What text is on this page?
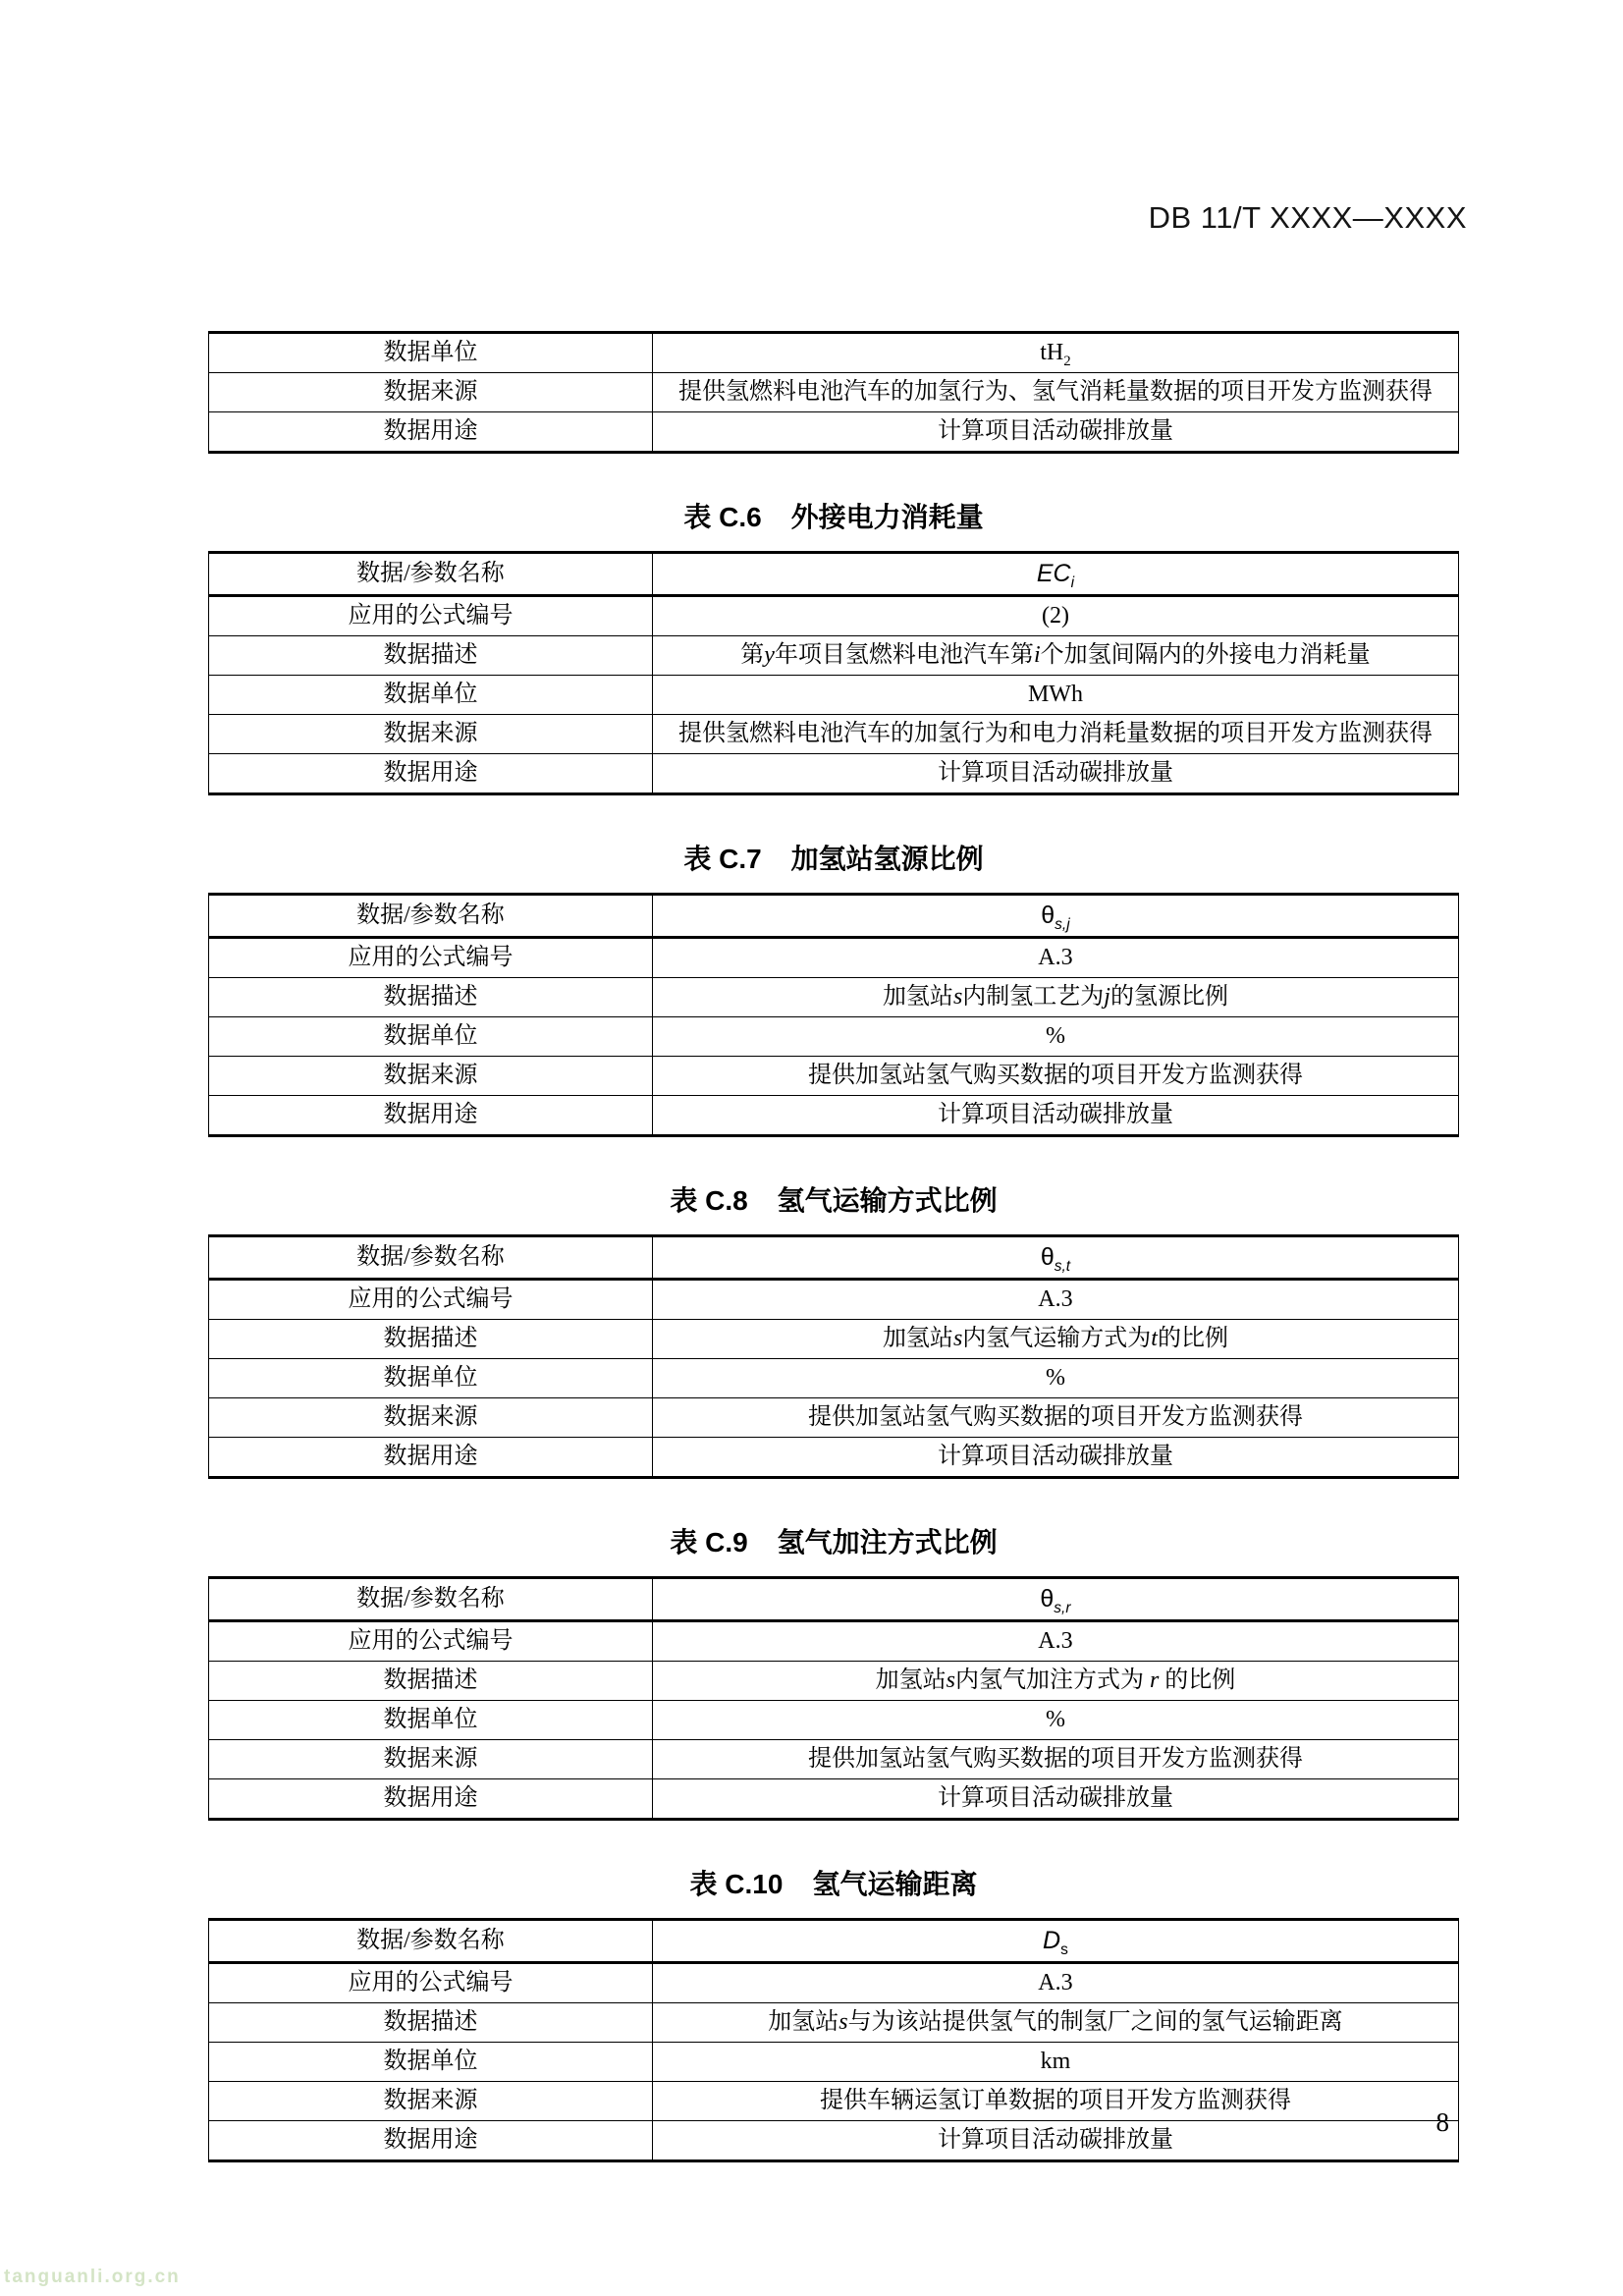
DB 11/T XXXX—XXXX
数据单位	$tH_2$
数据来源	提供氢燃料电池汽车的加氢行为、氢气消耗量数据的项目开发方监测获得
数据用途	计算项目活动碳排放量
表 C.6 外接电力消耗量
数据/参数名称	$EC_i$
应用的公式编号	(2)
数据描述	第y年项目氢燃料电池汽车第i个加氢间隔内的外接电力消耗量
数据单位	MWh
数据来源	提供氢燃料电池汽车的加氢行为和电力消耗量数据的项目开发方监测获得
数据用途	计算项目活动碳排放量
表 C.7 加氢站氢源比例
数据/参数名称	$\theta_{s,j}$
应用的公式编号	A.3
数据描述	加氢站s内制氢工艺为j的氢源比例
数据单位	%
数据来源	提供加氢站氢气购买数据的项目开发方监测获得
数据用途	计算项目活动碳排放量
表 C.8 氢气运输方式比例
数据/参数名称	$\theta_{s,t}$
应用的公式编号	A.3
数据描述	加氢站s内氢气运输方式为t的比例
数据单位	%
数据来源	提供加氢站氢气购买数据的项目开发方监测获得
数据用途	计算项目活动碳排放量
表 C.9 氢气加注方式比例
数据/参数名称	$\theta_{s,r}$
应用的公式编号	A.3
数据描述	加氢站s内氢气加注方式为 r 的比例
数据单位	%
数据来源	提供加氢站氢气购买数据的项目开发方监测获得
数据用途	计算项目活动碳排放量
表 C.10 氢气运输距离
数据/参数名称	$D_s$
应用的公式编号	A.3
数据描述	加氢站s与为该站提供氢气的制氢厂之间的氢气运输距离
数据单位	km
数据来源	提供车辆运氢订单数据的项目开发方监测获得
数据用途	计算项目活动碳排放量
8
tanguanli.org.cn
